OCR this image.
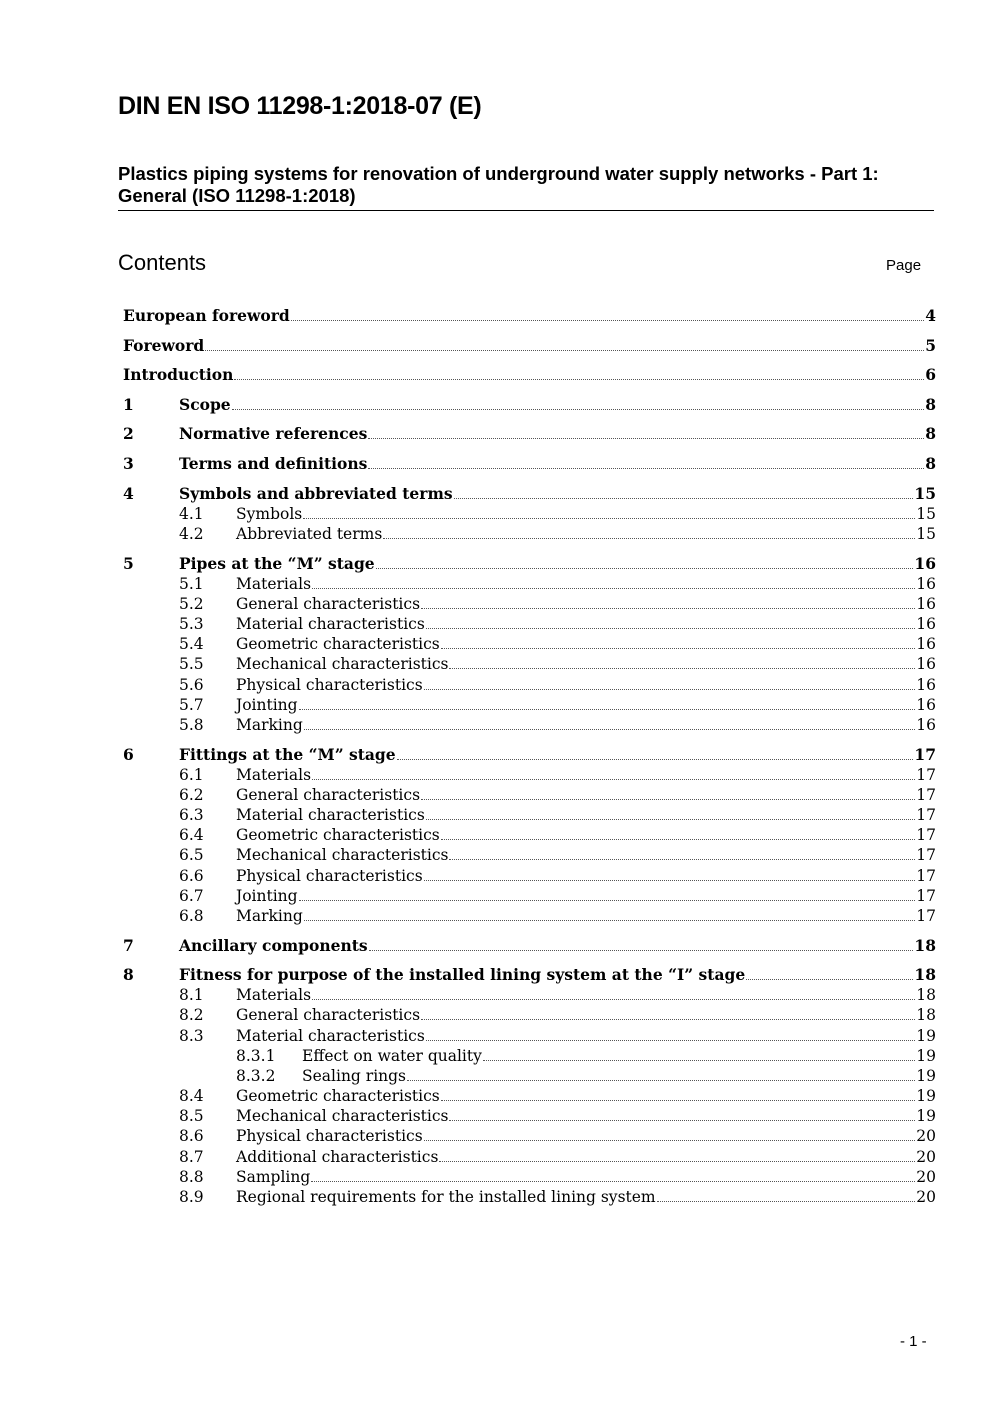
DIN EN ISO 11298-1:2018-07 (E)
Plastics piping systems for renovation of underground water supply networks - Part 1: General (ISO 11298-1:2018)
Contents	Page
European foreword	4
Foreword	5
Introduction	6
1	Scope	8
2	Normative references	8
3	Terms and definitions	8
4	Symbols and abbreviated terms	15
4.1	Symbols	15
4.2	Abbreviated terms	15
5	Pipes at the “M” stage	16
5.1	Materials	16
5.2	General characteristics	16
5.3	Material characteristics	16
5.4	Geometric characteristics	16
5.5	Mechanical characteristics	16
5.6	Physical characteristics	16
5.7	Jointing	16
5.8	Marking	16
6	Fittings at the “M” stage	17
6.1	Materials	17
6.2	General characteristics	17
6.3	Material characteristics	17
6.4	Geometric characteristics	17
6.5	Mechanical characteristics	17
6.6	Physical characteristics	17
6.7	Jointing	17
6.8	Marking	17
7	Ancillary components	18
8	Fitness for purpose of the installed lining system at the “I” stage	18
8.1	Materials	18
8.2	General characteristics	18
8.3	Material characteristics	19
8.3.1	Effect on water quality	19
8.3.2	Sealing rings	19
8.4	Geometric characteristics	19
8.5	Mechanical characteristics	19
8.6	Physical characteristics	20
8.7	Additional characteristics	20
8.8	Sampling	20
8.9	Regional requirements for the installed lining system	20
- 1 -
